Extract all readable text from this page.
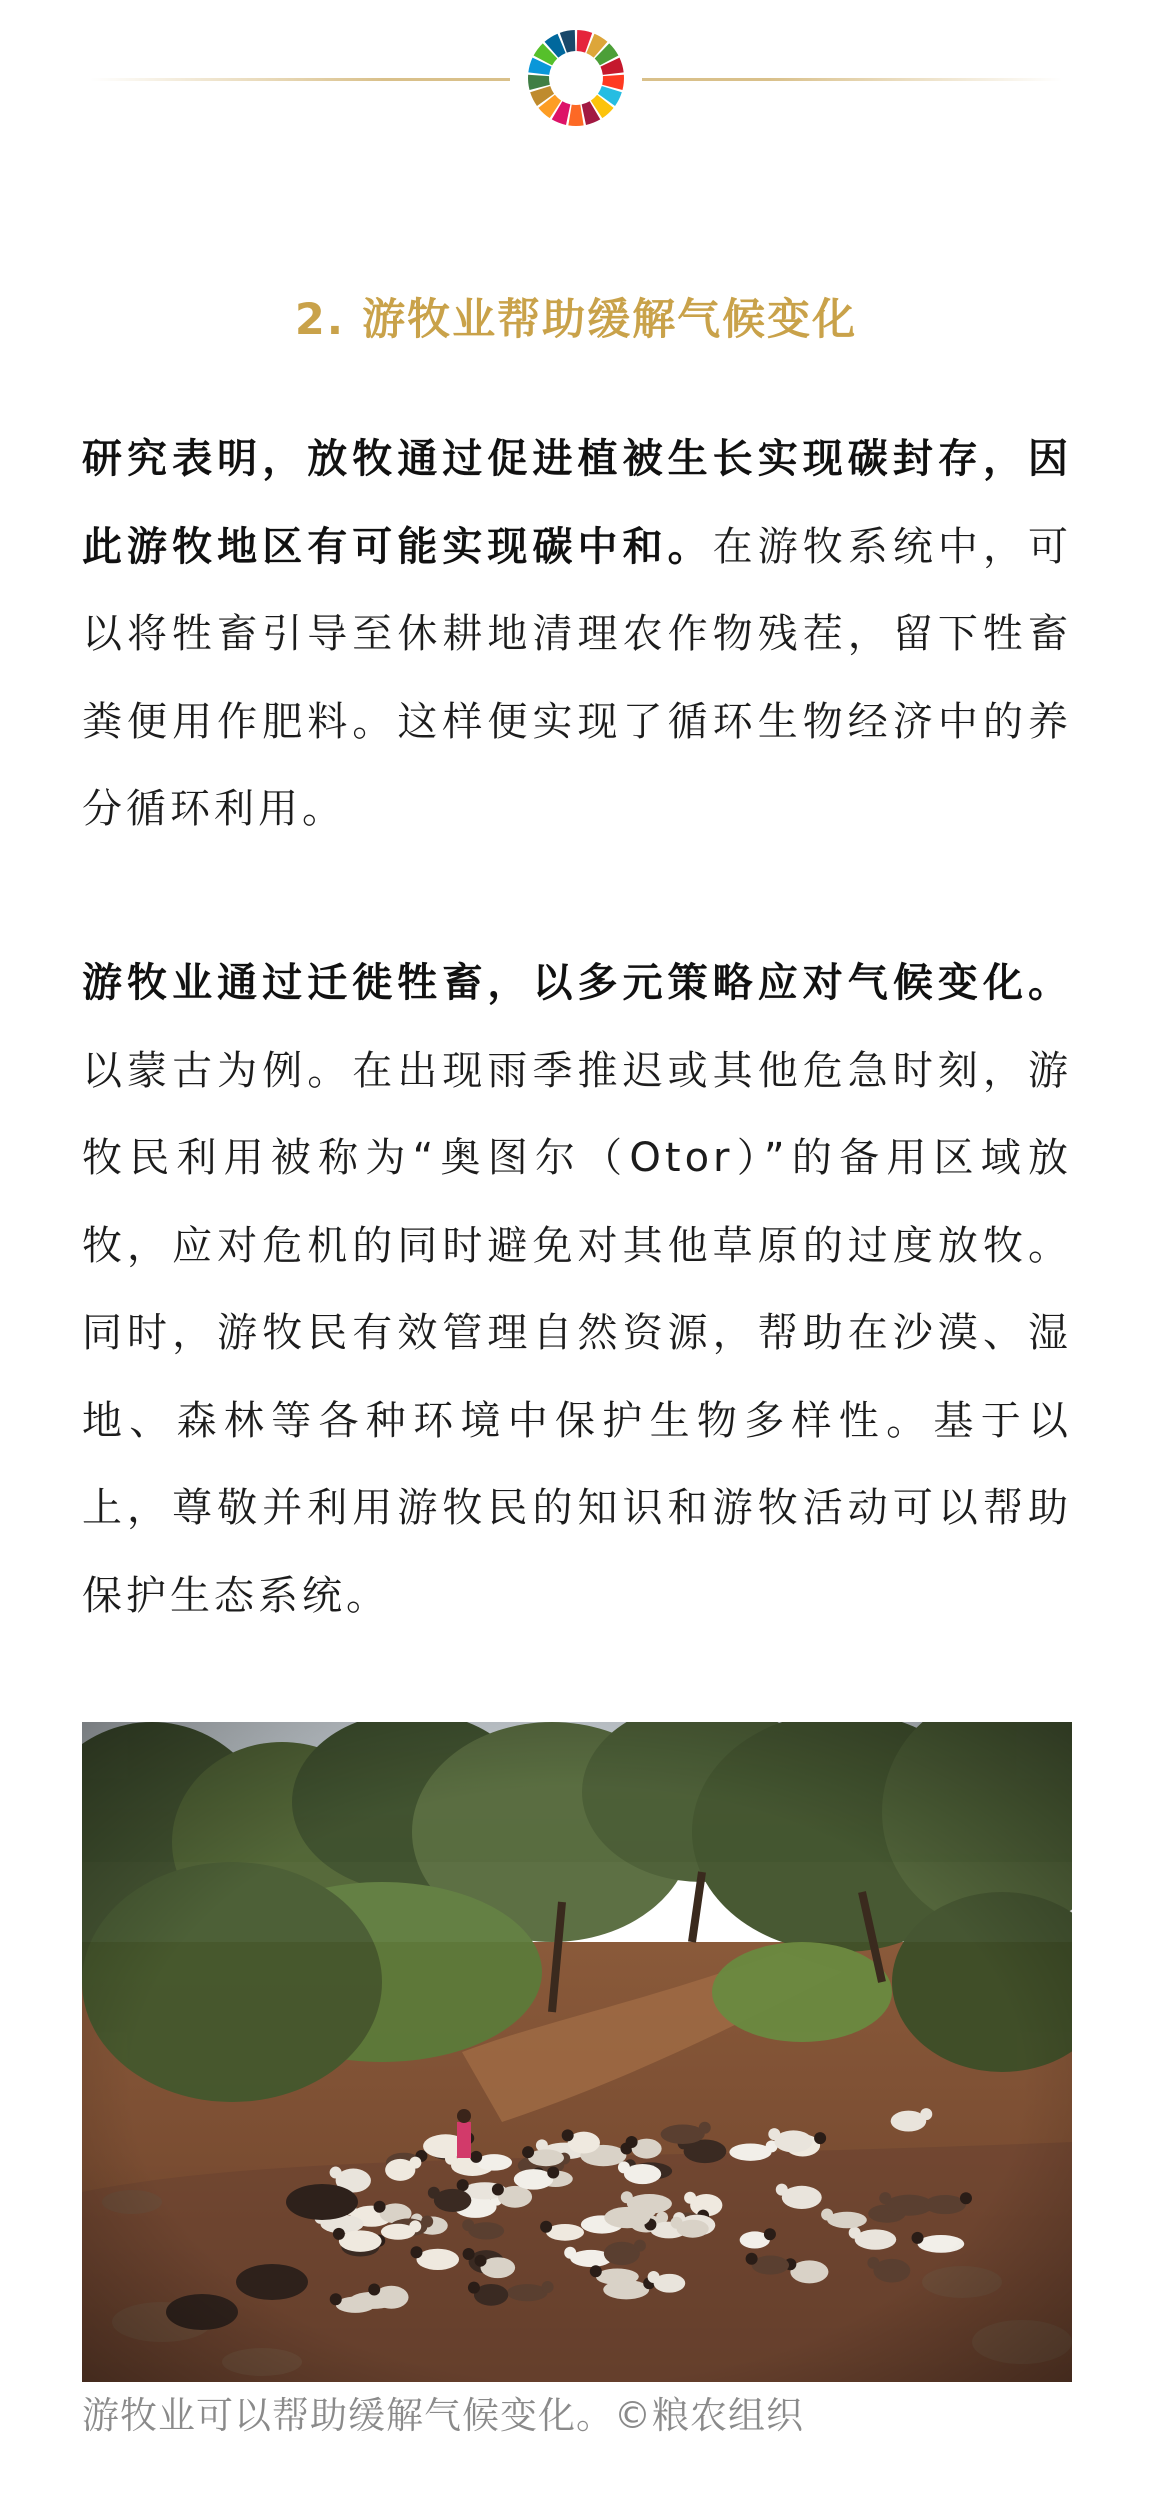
2. 游牧业帮助缓解气候变化

研究表明，放牧通过促进植被生长实现碳封存，因此游牧地区有可能实现碳中和。在游牧系统中，可以将牲畜引导至休耕地清理农作物残茬，留下牲畜粪便用作肥料。这样便实现了循环生物经济中的养分循环利用。

游牧业通过迁徙牲畜，以多元策略应对气候变化。以蒙古为例。在出现雨季推迟或其他危急时刻，游牧民利用被称为“奥图尔（Otor）”的备用区域放牧，应对危机的同时避免对其他草原的过度放牧。同时，游牧民有效管理自然资源，帮助在沙漠、湿地、森林等各种环境中保护生物多样性。基于以上，尊敬并利用游牧民的知识和游牧活动可以帮助保护生态系统。

游牧业可以帮助缓解气候变化。©粮农组织
